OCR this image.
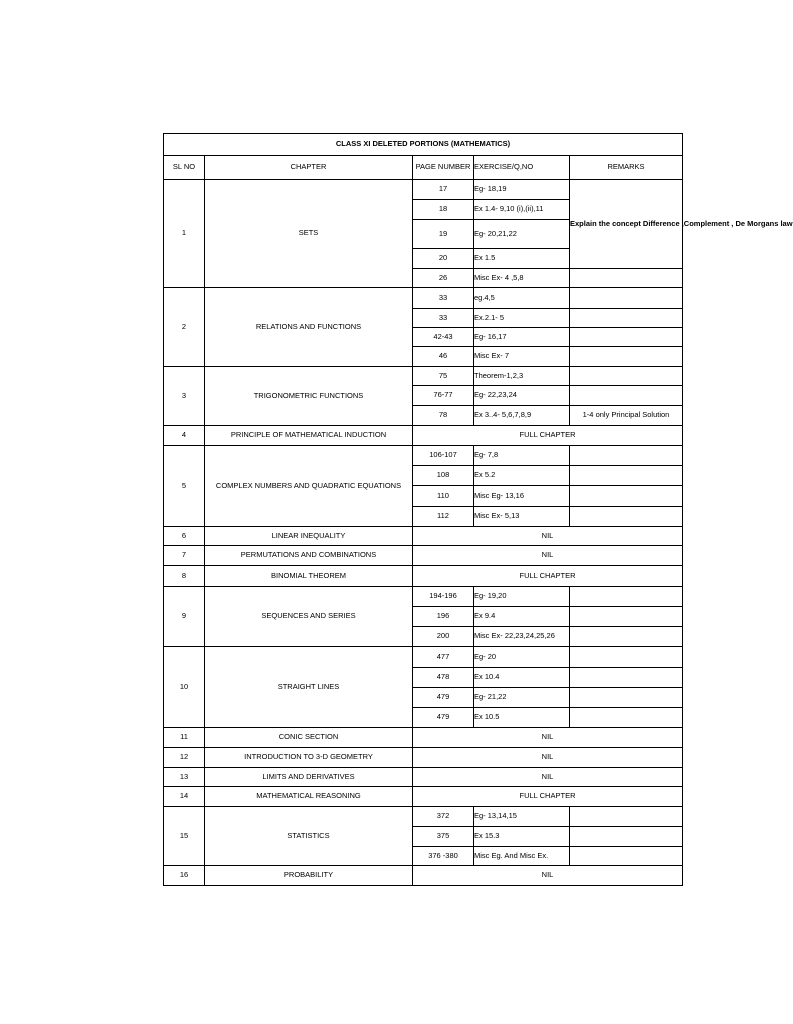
CLASS XI DELETED PORTIONS (MATHEMATICS)				
SL NO	CHAPTER	PAGE NUMBER	EXERCISE/Q,NO	REMARKS
1	SETS	17	Eg- 18,19	Explain the concept Difference ,Complement , De Morgans law
		18	Ex 1.4- 9,10 (i),(ii),11	
		19	Eg- 20,21,22	
		20	Ex 1.5	
		26	Misc Ex- 4 ,5,8	
2	RELATIONS AND FUNCTIONS	33	eg.4,5	
		33	Ex.2.1- 5	
		42-43	Eg- 16,17	
		46	Misc Ex- 7	
3	TRIGONOMETRIC FUNCTIONS	75	Theorem-1,2,3	
		76-77	Eg- 22,23,24	
		78	Ex 3..4- 5,6,7,8,9	1-4 only Principal Solution
4	PRINCIPLE OF MATHEMATICAL INDUCTION	FULL CHAPTER		
5	COMPLEX NUMBERS AND QUADRATIC EQUATIONS	106-107	Eg- 7,8	
		108	Ex 5.2	
		110	Misc Eg- 13,16	
		112	Misc Ex- 5,13	
6	LINEAR INEQUALITY	NIL		
7	PERMUTATIONS AND COMBINATIONS	NIL		
8	BINOMIAL THEOREM	FULL CHAPTER		
9	SEQUENCES AND SERIES	194-196	Eg- 19,20	
		196	Ex 9.4	
		200	Misc Ex- 22,23,24,25,26	
10	STRAIGHT LINES	477	Eg- 20	
		478	Ex 10.4	
		479	Eg- 21,22	
		479	Ex 10.5	
11	CONIC SECTION	NIL		
12	INTRODUCTION TO 3-D GEOMETRY	NIL		
13	LIMITS AND DERIVATIVES	NIL		
14	MATHEMATICAL REASONING	FULL CHAPTER		
15	STATISTICS	372	Eg- 13,14,15	
		375	Ex 15.3	
		376 -380	Misc Eg. And Misc Ex.	
16	PROBABILITY	NIL		
